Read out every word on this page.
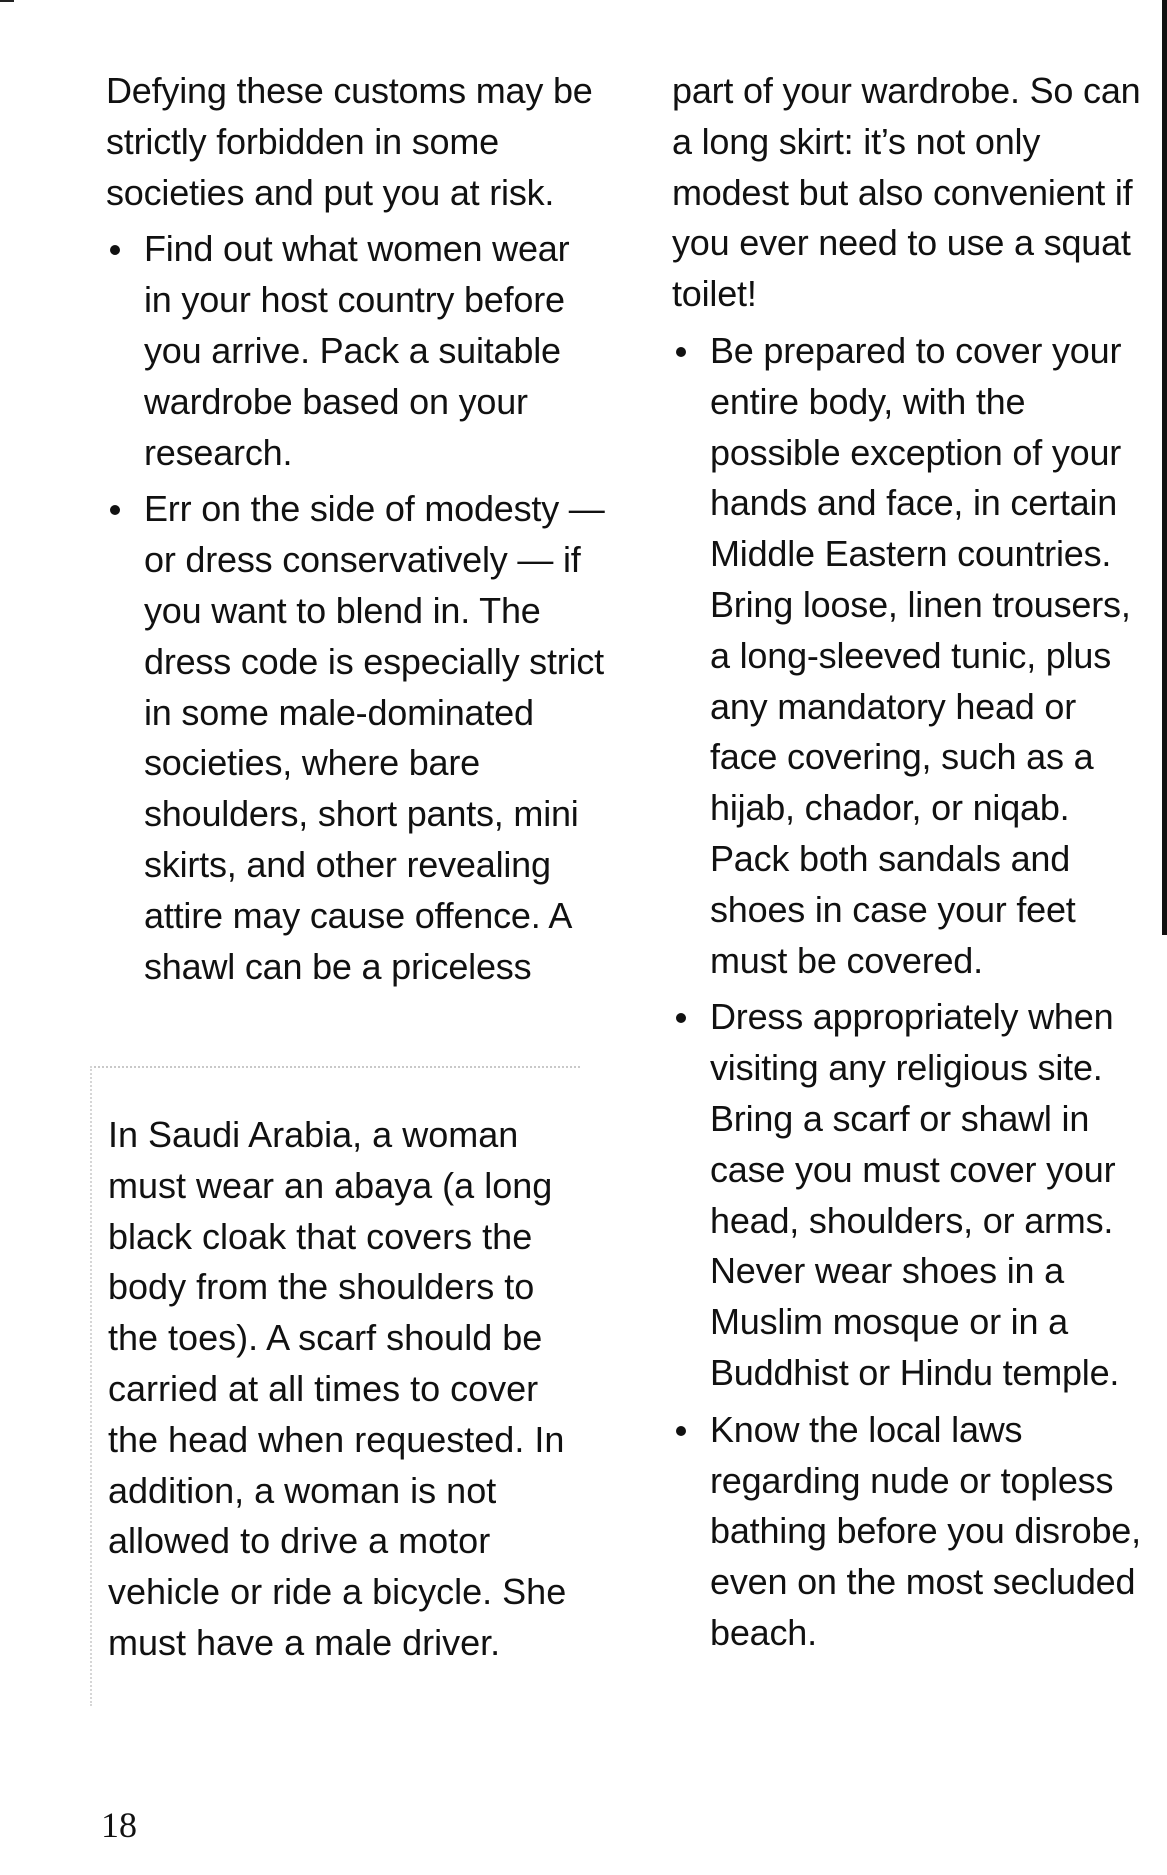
Defying these customs may be strictly forbidden in some societies and put you at risk.

Find out what women wear in your host country before you arrive. Pack a suitable wardrobe based on your research.
Err on the side of modesty — or dress conservatively — if you want to blend in. The dress code is especially strict in some male-dominated societies, where bare shoulders, short pants, mini skirts, and other revealing attire may cause offence. A shawl can be a priceless

In Saudi Arabia, a woman must wear an abaya (a long black cloak that covers the body from the shoulders to the toes). A scarf should be carried at all times to cover the head when requested. In addition, a woman is not allowed to drive a motor vehicle or ride a bicycle. She must have a male driver.

part of your wardrobe. So can a long skirt: it’s not only modest but also convenient if you ever need to use a squat toilet!

Be prepared to cover your entire body, with the possible exception of your hands and face, in certain Middle Eastern countries. Bring loose, linen trousers, a long-sleeved tunic, plus any mandatory head or face covering, such as a hijab, chador, or niqab. Pack both sandals and shoes in case your feet must be covered.
Dress appropriately when visiting any religious site. Bring a scarf or shawl in case you must cover your head, shoulders, or arms. Never wear shoes in a Muslim mosque or in a Buddhist or Hindu temple.
Know the local laws regarding nude or topless bathing before you disrobe, even on the most secluded beach.

18
